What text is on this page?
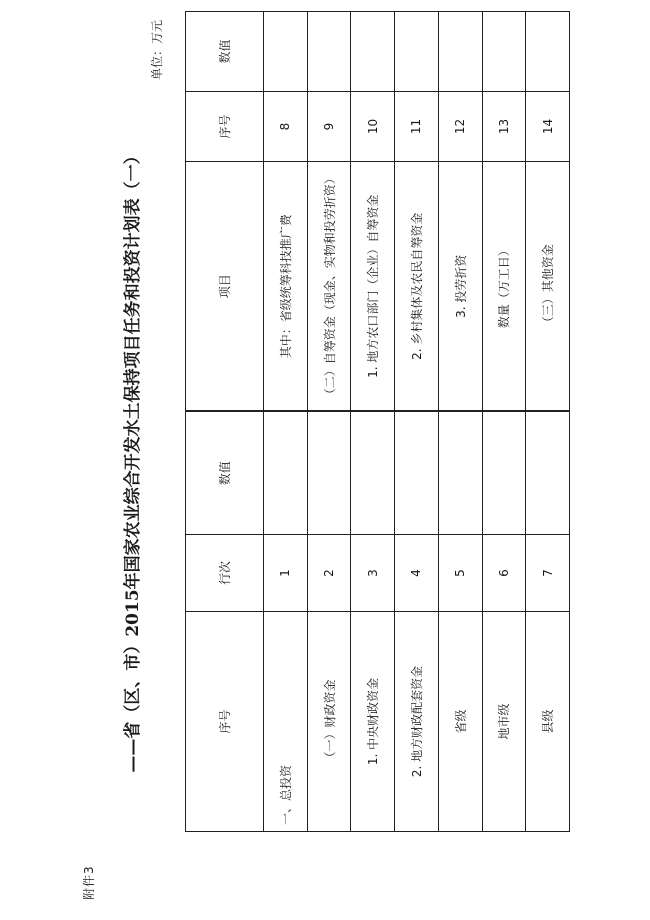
附件3
——省（区、市）2015年国家农业综合开发水土保持项目任务和投资计划表（一）
单位：万元
序号	行次	数值	项目	序号	数值
一、总投资	1		其中：省级统筹科技推广费	8	
（一）财政资金	2		（二）自筹资金（现金、实物和投劳折资）	9	
1. 中央财政资金	3		1. 地方农口部门（企业）自筹资金	10	
2. 地方财政配套资金	4		2. 乡村集体及农民自筹资金	11	
省级	5		3. 投劳折资	12	
地市级	6		数量（万工日）	13	
县级	7		（三）其他资金	14	
